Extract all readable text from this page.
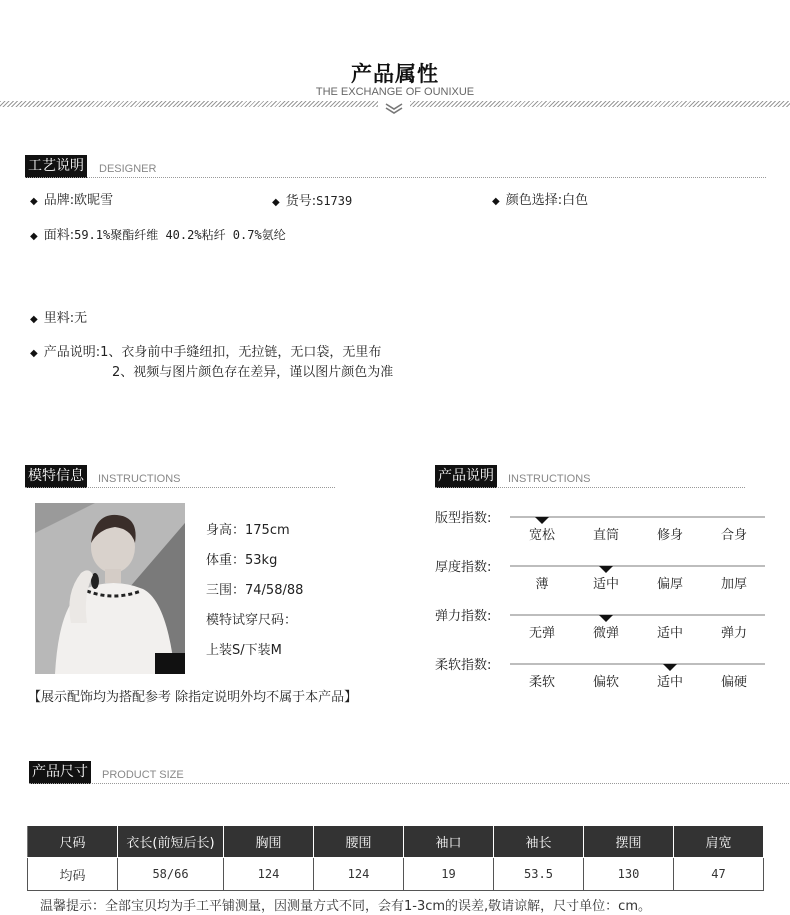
产品属性
THE EXCHANGE OF OUNIXUE
工艺说明 DESIGNER
◆ 品牌:欧昵雪	◆ 货号:S1739	◆ 颜色选择:白色
◆ 面料:59.1%聚酯纤维 40.2%粘纤 0.7%氨纶
◆ 里料:无
◆ 产品说明:1、衣身前中手缝纽扣，无拉链，无口袋，无里布
2、视频与图片颜色存在差异，谨以图片颜色为准
模特信息 INSTRUCTIONS
身高：175cm
体重：53kg
三围：74/58/88
模特试穿尺码：
上装S/下装M
【展示配饰均为搭配参考 除指定说明外均不属于本产品】
产品说明 INSTRUCTIONS
版型指数:
宽松	直筒	修身	合身
厚度指数:
薄	适中	偏厚	加厚
弹力指数:
无弹	微弹	适中	弹力
柔软指数:
柔软	偏软	适中	偏硬
产品尺寸 PRODUCT SIZE
尺码	衣长(前短后长)	胸围	腰围	袖口	袖长	摆围	肩宽
均码	58/66	124	124	19	53.5	130	47
温馨提示：全部宝贝均为手工平铺测量，因测量方式不同，会有1-3cm的误差,敬请谅解，尺寸单位：cm。
